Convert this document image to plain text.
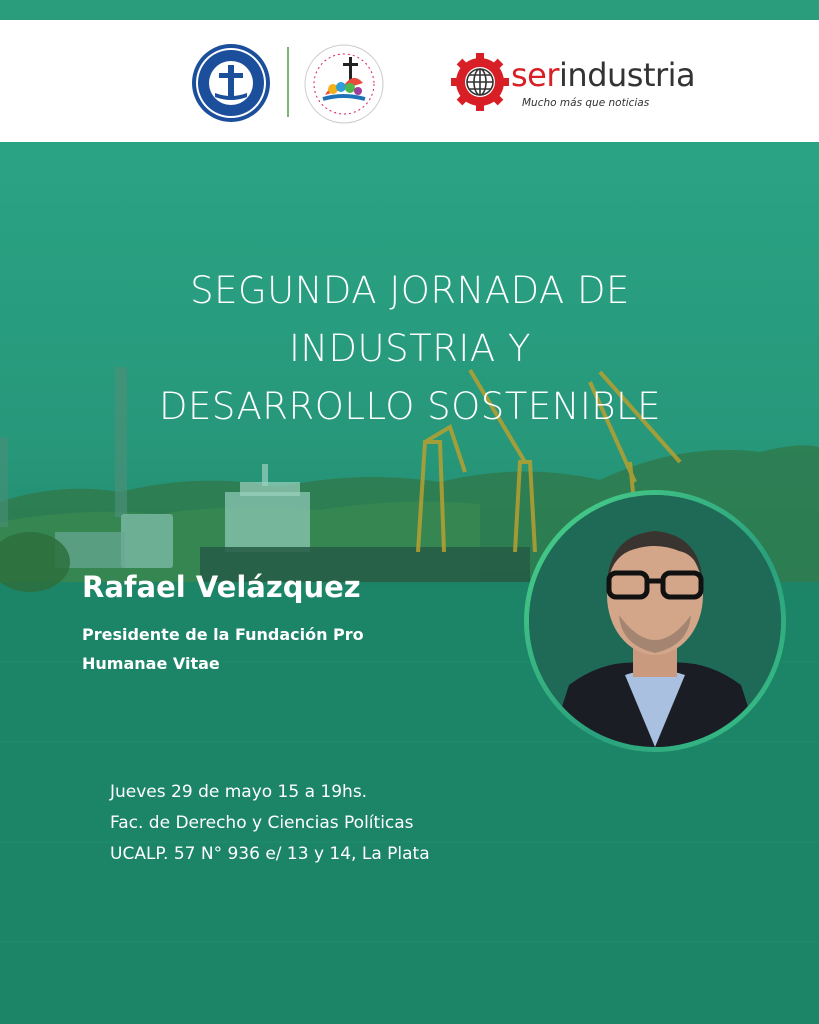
serindustria
Mucho más que noticias
SEGUNDA JORNADA DE
INDUSTRIA Y
DESARROLLO SOSTENIBLE
Rafael Velázquez
Presidente de la Fundación Pro
Humanae Vitae
Jueves 29 de mayo 15 a 19hs.
Fac. de Derecho y Ciencias Políticas
UCALP. 57 N° 936 e/ 13 y 14, La Plata
